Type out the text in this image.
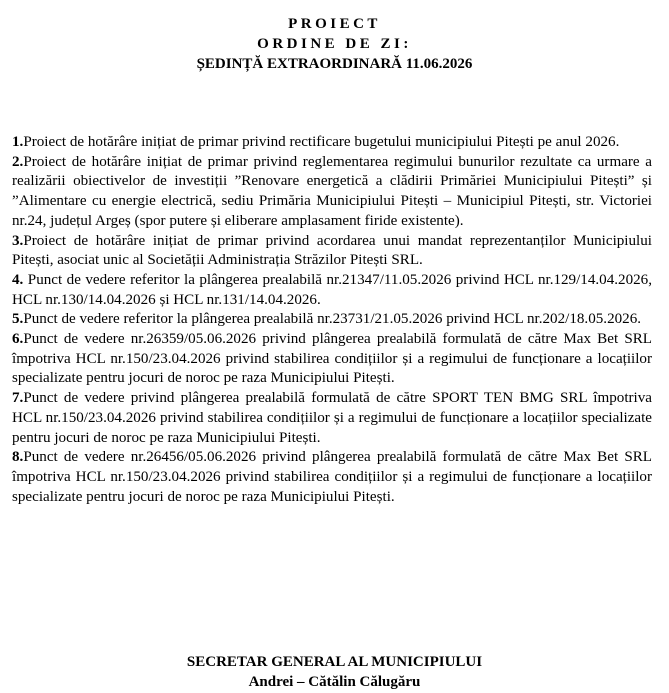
PROIECT
ORDINE DE ZI:
ȘEDINȚĂ EXTRAORDINARĂ 11.06.2026

1.Proiect de hotărâre inițiat de primar privind rectificare bugetului municipiului Pitești pe anul 2026.

2.Proiect de hotărâre inițiat de primar privind reglementarea regimului bunurilor rezultate ca urmare a realizării obiectivelor de investiții ”Renovare energetică a clădirii Primăriei Municipiului Pitești” și ”Alimentare cu energie electrică, sediu Primăria Municipiului Pitești – Municipiul Pitești, str. Victoriei nr.24, județul Argeș (spor putere și eliberare amplasament firide existente).

3.Proiect de hotărâre inițiat de primar privind acordarea unui mandat reprezentanților Municipiului Pitești, asociat unic al Societății Administrația Străzilor Pitești SRL.

4. Punct de vedere referitor la plângerea prealabilă nr.21347/11.05.2026 privind HCL nr.129/14.04.2026, HCL nr.130/14.04.2026 și HCL nr.131/14.04.2026.

5.Punct de vedere referitor la plângerea prealabilă nr.23731/21.05.2026 privind HCL nr.202/18.05.2026.

6.Punct de vedere nr.26359/05.06.2026 privind plângerea prealabilă formulată de către Max Bet SRL împotriva HCL nr.150/23.04.2026 privind stabilirea condițiilor și a regimului de funcționare a locațiilor specializate pentru jocuri de noroc pe raza Municipiului Pitești.

7.Punct de vedere privind plângerea prealabilă formulată de către SPORT TEN BMG SRL împotriva HCL nr.150/23.04.2026 privind stabilirea condițiilor și a regimului de funcționare a locațiilor specializate pentru jocuri de noroc pe raza Municipiului Pitești.

8.Punct de vedere nr.26456/05.06.2026 privind plângerea prealabilă formulată de către Max Bet SRL împotriva HCL nr.150/23.04.2026 privind stabilirea condițiilor și a regimului de funcționare a locațiilor specializate pentru jocuri de noroc pe raza Municipiului Pitești.

SECRETAR GENERAL AL MUNICIPIULUI
Andrei – Cătălin Călugăru
